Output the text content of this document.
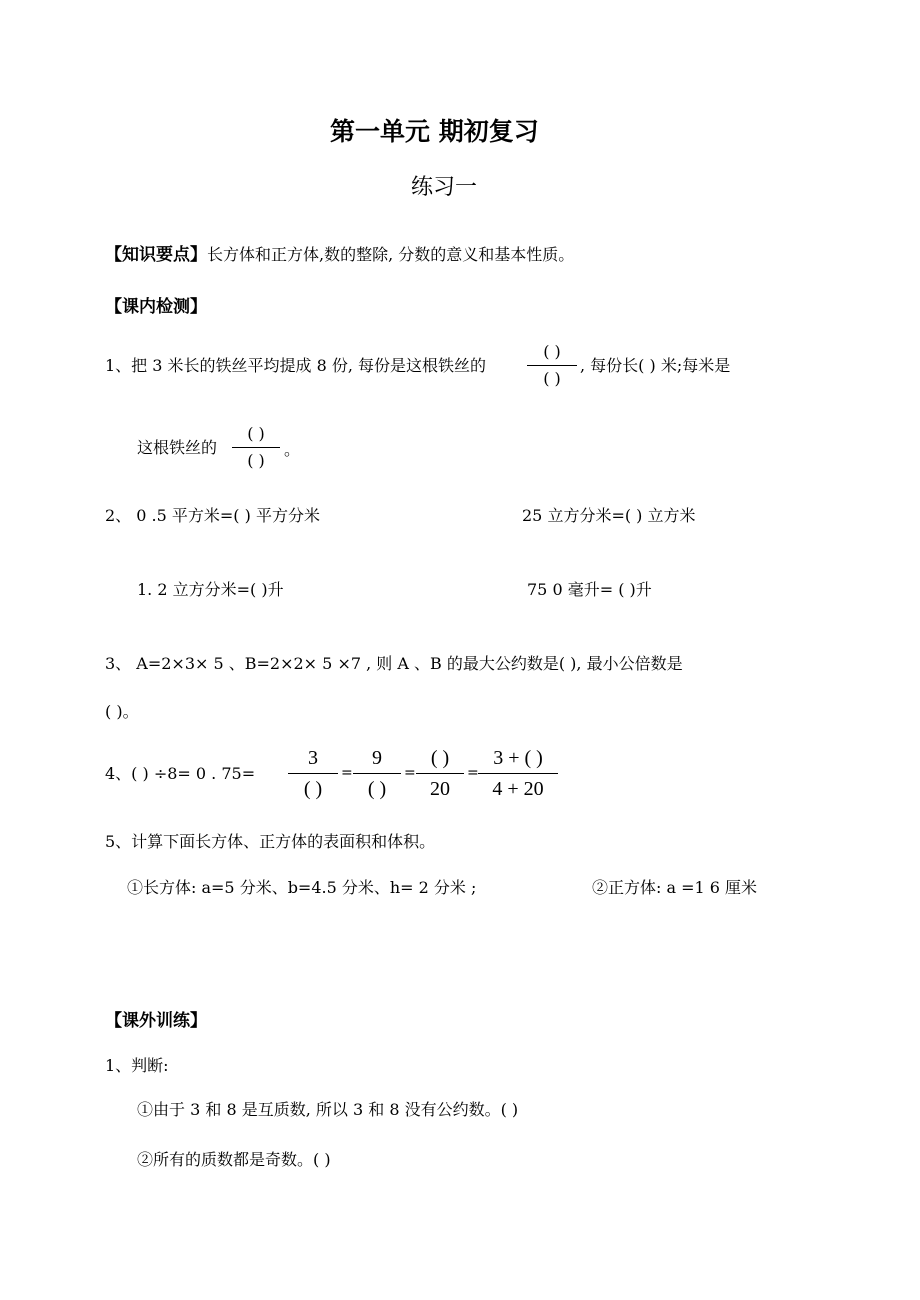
第一单元 期初复习
练习一
【知识要点】长方体和正方体,数的整除, 分数的意义和基本性质。
【课内检测】
1、把 3 米长的铁丝平均提成 8 份, 每份是这根铁丝的
( )
( )
, 每份长( ) 米;每米是
这根铁丝的
( )
( )
。
2、 0 .5 平方米=( ) 平方分米	25 立方分米=( ) 立方米
1. 2 立方分米=( )升	75 0 毫升= ( )升
3、 A=2×3× 5 、B=2×2× 5 ×7 , 则 A 、B 的最大公约数是( ), 最小公倍数是
( )。
4、( ) ÷8= 0 . 75=
3
( )
=
9
( )
=
( )
20
=
3 + ( )
4 + 20
5、计算下面长方体、正方体的表面积和体积。
①长方体: a=5 分米、b=4.5 分米、h= 2 分米 ;	②正方体: a =1 6 厘米
【课外训练】
1、判断:
①由于 3 和 8 是互质数, 所以 3 和 8 没有公约数。( )
②所有的质数都是奇数。( )
